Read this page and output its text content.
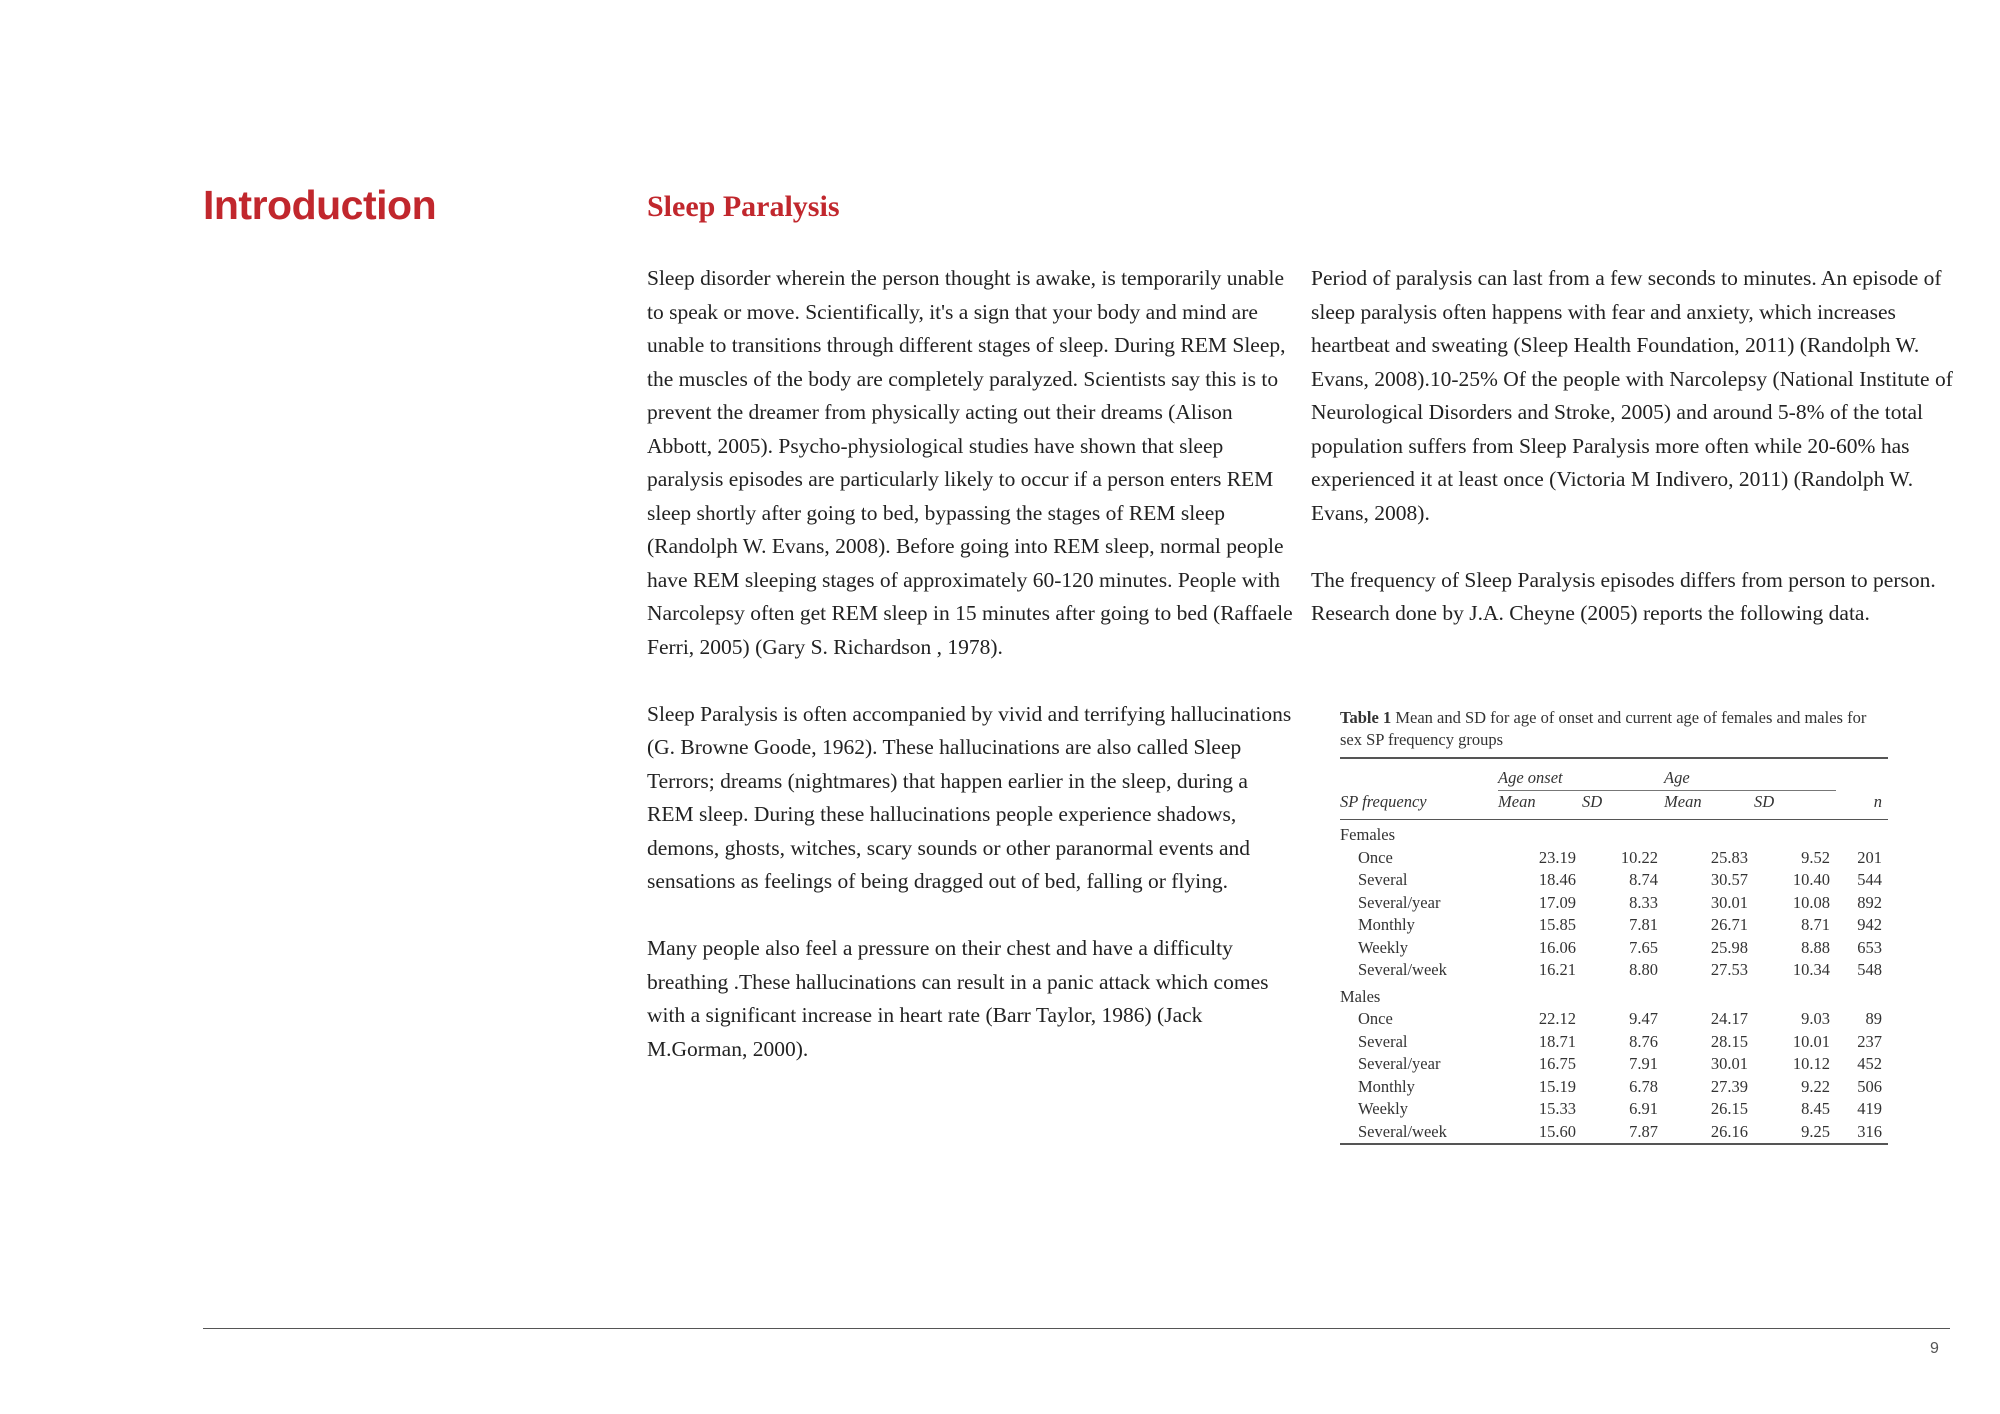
Introduction	Sleep Paralysis

Sleep disorder wherein the person thought is awake, is temporarily unable to speak or move. Scientifically, it's a sign that your body and mind are unable to transitions through different stages of sleep. During REM Sleep, the muscles of the body are completely paralyzed. Scientists say this is to prevent the dreamer from physically acting out their dreams (Alison Abbott, 2005). Psycho-physiological studies have shown that sleep paralysis episodes are particularly likely to occur if a person enters REM sleep shortly after going to bed, bypassing the stages of REM sleep (Randolph W. Evans, 2008). Before going into REM sleep, normal people have REM sleeping stages of approximately 60-120 minutes. People with Narcolepsy often get REM sleep in 15 minutes after going to bed (Raffaele Ferri, 2005) (Gary S. Richardson , 1978).

Sleep Paralysis is often accompanied by vivid and terrifying hallucinations (G. Browne Goode, 1962). These hallucinations are also called Sleep Terrors; dreams (nightmares) that happen earlier in the sleep, during a REM sleep. During these hallucinations people experience shadows, demons, ghosts, witches, scary sounds or other paranormal events and sensations as feelings of being dragged out of bed, falling or flying.

Many people also feel a pressure on their chest and have a difficulty breathing .These hallucinations can result in a panic attack which comes with a significant increase in heart rate (Barr Taylor, 1986) (Jack M.Gorman, 2000).

Period of paralysis can last from a few seconds to minutes. An episode of sleep paralysis often happens with fear and anxiety, which increases heartbeat and sweating (Sleep Health Foundation, 2011) (Randolph W. Evans, 2008).10-25% Of the people with Narcolepsy (National Institute of Neurological Disorders and Stroke, 2005) and around 5-8% of the total population suffers from Sleep Paralysis more often while 20-60% has experienced it at least once (Victoria M Indivero, 2011) (Randolph W. Evans, 2008).

The frequency of Sleep Paralysis episodes differs from person to person. Research done by J.A. Cheyne (2005) reports the following data.

Table 1 Mean and SD for age of onset and current age of females and males for sex SP frequency groups

	Age onset		Age		

SP frequency	Mean	SD	Mean	SD	n
Females					
Once	23.19	10.22	25.83	9.52	201
Several	18.46	8.74	30.57	10.40	544
Several/year	17.09	8.33	30.01	10.08	892
Monthly	15.85	7.81	26.71	8.71	942
Weekly	16.06	7.65	25.98	8.88	653
Several/week	16.21	8.80	27.53	10.34	548
Males					
Once	22.12	9.47	24.17	9.03	89
Several	18.71	8.76	28.15	10.01	237
Several/year	16.75	7.91	30.01	10.12	452
Monthly	15.19	6.78	27.39	9.22	506
Weekly	15.33	6.91	26.15	8.45	419
Several/week	15.60	7.87	26.16	9.25	316
9
